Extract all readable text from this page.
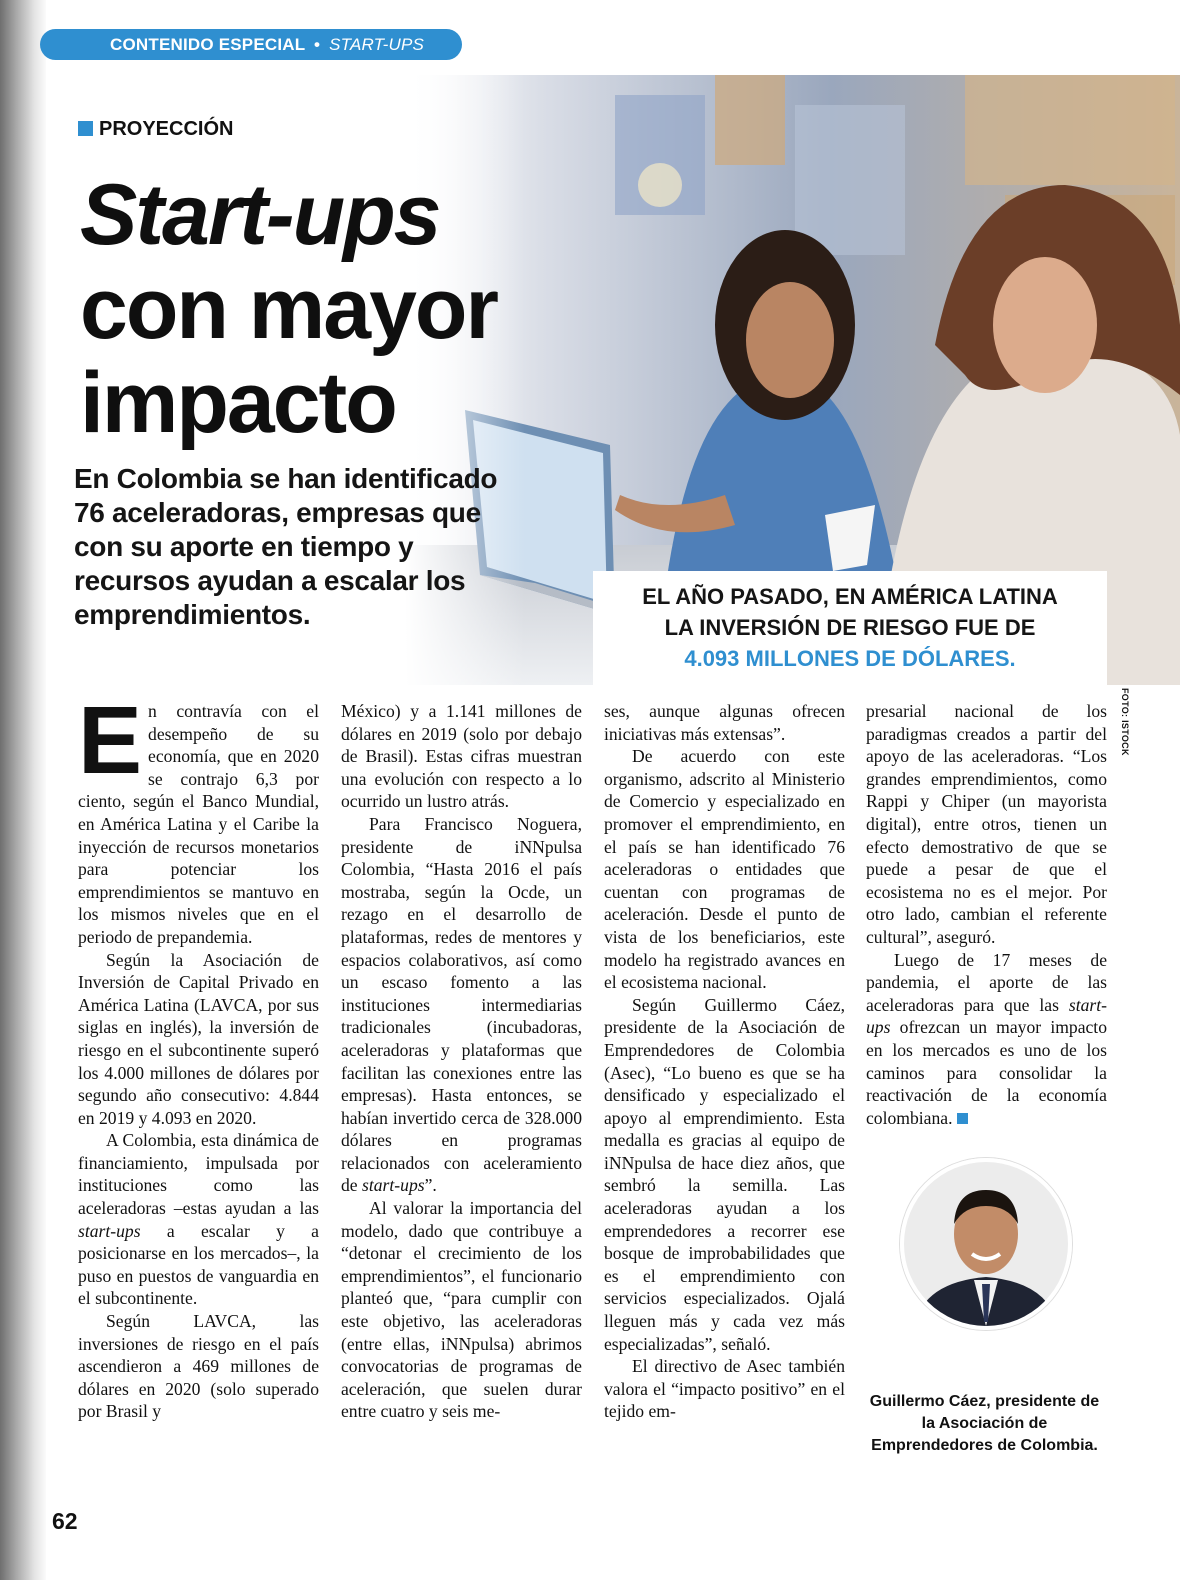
CONTENIDO ESPECIAL • START-UPS
PROYECCIÓN
Start-ups
con mayor
impacto
En Colombia se han identificado 76 aceleradoras, empresas que con su aporte en tiempo y recursos ayudan a escalar los emprendimientos.
EL AÑO PASADO, EN AMÉRICA LATINA
LA INVERSIÓN DE RIESGO FUE DE
4.093 MILLONES DE DÓLARES.
FOTO: ISTOCK

En contravía con el desempeño de su economía, que en 2020 se contrajo 6,3 por ciento, según el Banco Mundial, en América Latina y el Caribe la inyección de recursos monetarios para potenciar los emprendimientos se mantuvo en los mismos niveles que en el periodo de prepandemia.

Según la Asociación de Inversión de Capital Privado en América Latina (LAVCA, por sus siglas en inglés), la inversión de riesgo en el subcontinente superó los 4.000 millones de dólares por segundo año consecutivo: 4.844 en 2019 y 4.093 en 2020.

A Colombia, esta dinámica de financiamiento, impulsada por instituciones como las aceleradoras –estas ayudan a las start-ups a escalar y a posicionarse en los mercados–, la puso en puestos de vanguardia en el subcontinente.

Según LAVCA, las inversiones de riesgo en el país ascendieron a 469 millones de dólares en 2020 (solo superado por Brasil y

México) y a 1.141 millones de dólares en 2019 (solo por debajo de Brasil). Estas cifras muestran una evolución con respecto a lo ocurrido un lustro atrás.

Para Francisco Noguera, presidente de iNNpulsa Colombia, “Hasta 2016 el país mostraba, según la Ocde, un rezago en el desarrollo de plataformas, redes de mentores y espacios colaborativos, así como un escaso fomento a las instituciones intermediarias tradicionales (incubadoras, aceleradoras y plataformas que facilitan las conexiones entre las empresas). Hasta entonces, se habían invertido cerca de 328.000 dólares en programas relacionados con aceleramiento de start-ups”.

Al valorar la importancia del modelo, dado que contribuye a “detonar el crecimiento de los emprendimientos”, el funcionario planteó que, “para cumplir con este objetivo, las aceleradoras (entre ellas, iNNpulsa) abrimos convocatorias de programas de aceleración, que suelen durar entre cuatro y seis me-

ses, aunque algunas ofrecen iniciativas más extensas”.

De acuerdo con este organismo, adscrito al Ministerio de Comercio y especializado en promover el emprendimiento, en el país se han identificado 76 aceleradoras o entidades que cuentan con programas de aceleración. Desde el punto de vista de los beneficiarios, este modelo ha registrado avances en el ecosistema nacional.

Según Guillermo Cáez, presidente de la Asociación de Emprendedores de Colombia (Asec), “Lo bueno es que se ha densificado y especializado el apoyo al emprendimiento. Esta medalla es gracias al equipo de iNNpulsa de hace diez años, que sembró la semilla. Las aceleradoras ayudan a los emprendedores a recorrer ese bosque de improbabilidades que es el emprendimiento con servicios especializados. Ojalá lleguen más y cada vez más especializadas”, señaló.

El directivo de Asec también valora el “impacto positivo” en el tejido em-

presarial nacional de los paradigmas creados a partir del apoyo de las aceleradoras. “Los grandes emprendimientos, como Rappi y Chiper (un mayorista digital), entre otros, tienen un efecto demostrativo de que se puede a pesar de que el ecosistema no es el mejor. Por otro lado, cambian el referente cultural”, aseguró.

Luego de 17 meses de pandemia, el aporte de las aceleradoras para que las start-ups ofrezcan un mayor impacto en los mercados es uno de los caminos para consolidar la reactivación de la economía colombiana.

Guillermo Cáez, presidente de la Asociación de Emprendedores de Colombia.
62
